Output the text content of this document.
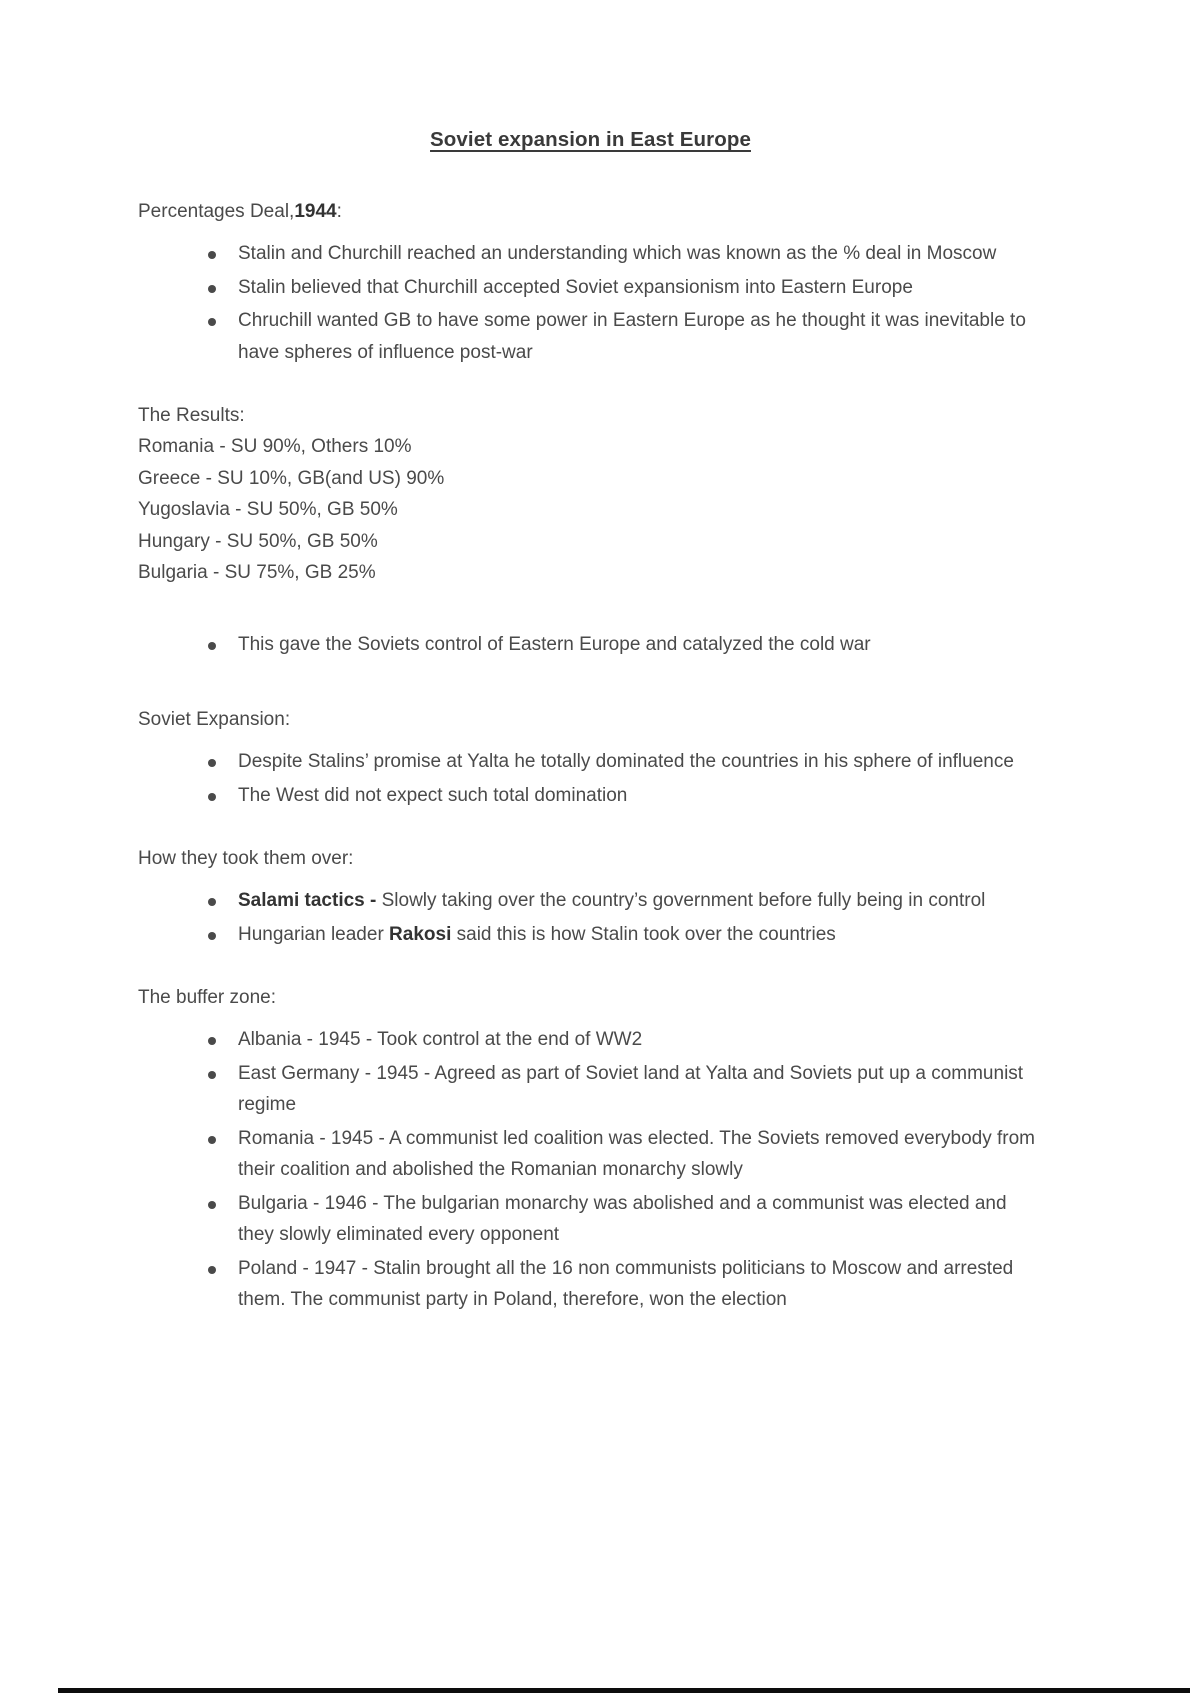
Soviet expansion in East Europe

Percentages Deal,1944:

Stalin and Churchill reached an understanding which was known as the % deal in Moscow
Stalin believed that Churchill accepted Soviet expansionism into Eastern Europe
Chruchill wanted GB to have some power in Eastern Europe as he thought it was inevitable to have spheres of influence post-war

The Results:

Romania - SU 90%, Others 10%

Greece - SU 10%, GB(and US) 90%

Yugoslavia - SU 50%, GB 50%

Hungary - SU 50%, GB 50%

Bulgaria - SU 75%, GB 25%

This gave the Soviets control of Eastern Europe and catalyzed the cold war

Soviet Expansion:

Despite Stalins’ promise at Yalta he totally dominated the countries in his sphere of influence
The West did not expect such total domination

How they took them over:

Salami tactics - Slowly taking over the country’s government before fully being in control
Hungarian leader Rakosi said this is how Stalin took over the countries

The buffer zone:

Albania - 1945 - Took control at the end of WW2
East Germany - 1945 - Agreed as part of Soviet land at Yalta and Soviets put up a communist regime
Romania - 1945 - A communist led coalition was elected. The Soviets removed everybody from their coalition and abolished the Romanian monarchy slowly
Bulgaria - 1946 - The bulgarian monarchy was abolished and a communist was elected and they slowly eliminated every opponent
Poland - 1947 - Stalin brought all the 16 non communists politicians to Moscow and arrested them. The communist party in Poland, therefore, won the election
